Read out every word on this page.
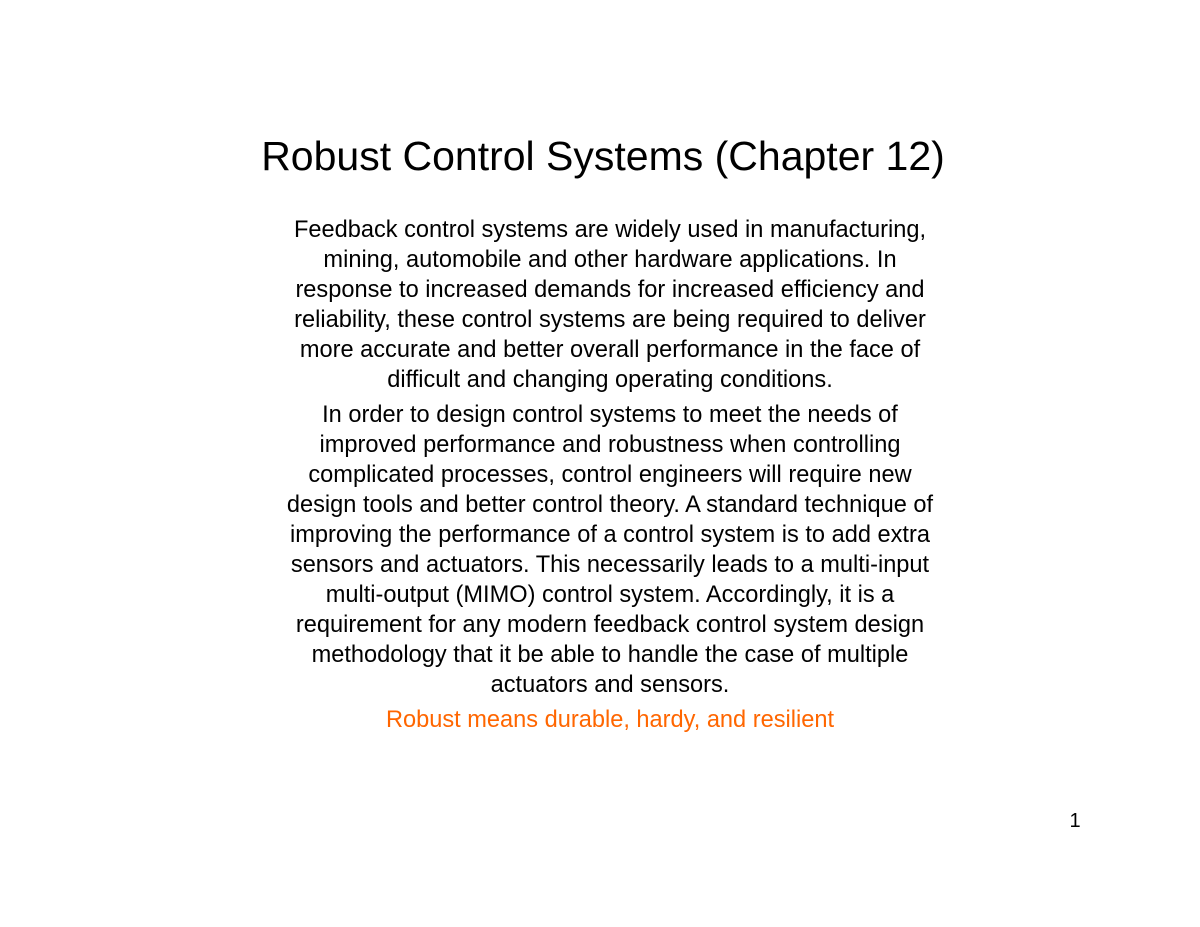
Robust Control Systems (Chapter 12)

Feedback control systems are widely used in manufacturing,
mining, automobile and other hardware applications. In
response to increased demands for increased efficiency and
reliability, these control systems are being required to deliver
more accurate and better overall performance in the face of
difficult and changing operating conditions.

In order to design control systems to meet the needs of
improved performance and robustness when controlling
complicated processes, control engineers will require new
design tools and better control theory. A standard technique of
improving the performance of a control system is to add extra
sensors and actuators. This necessarily leads to a multi-input
multi-output (MIMO) control system. Accordingly, it is a
requirement for any modern feedback control system design
methodology that it be able to handle the case of multiple
actuators and sensors.

Robust means durable, hardy, and resilient

1
